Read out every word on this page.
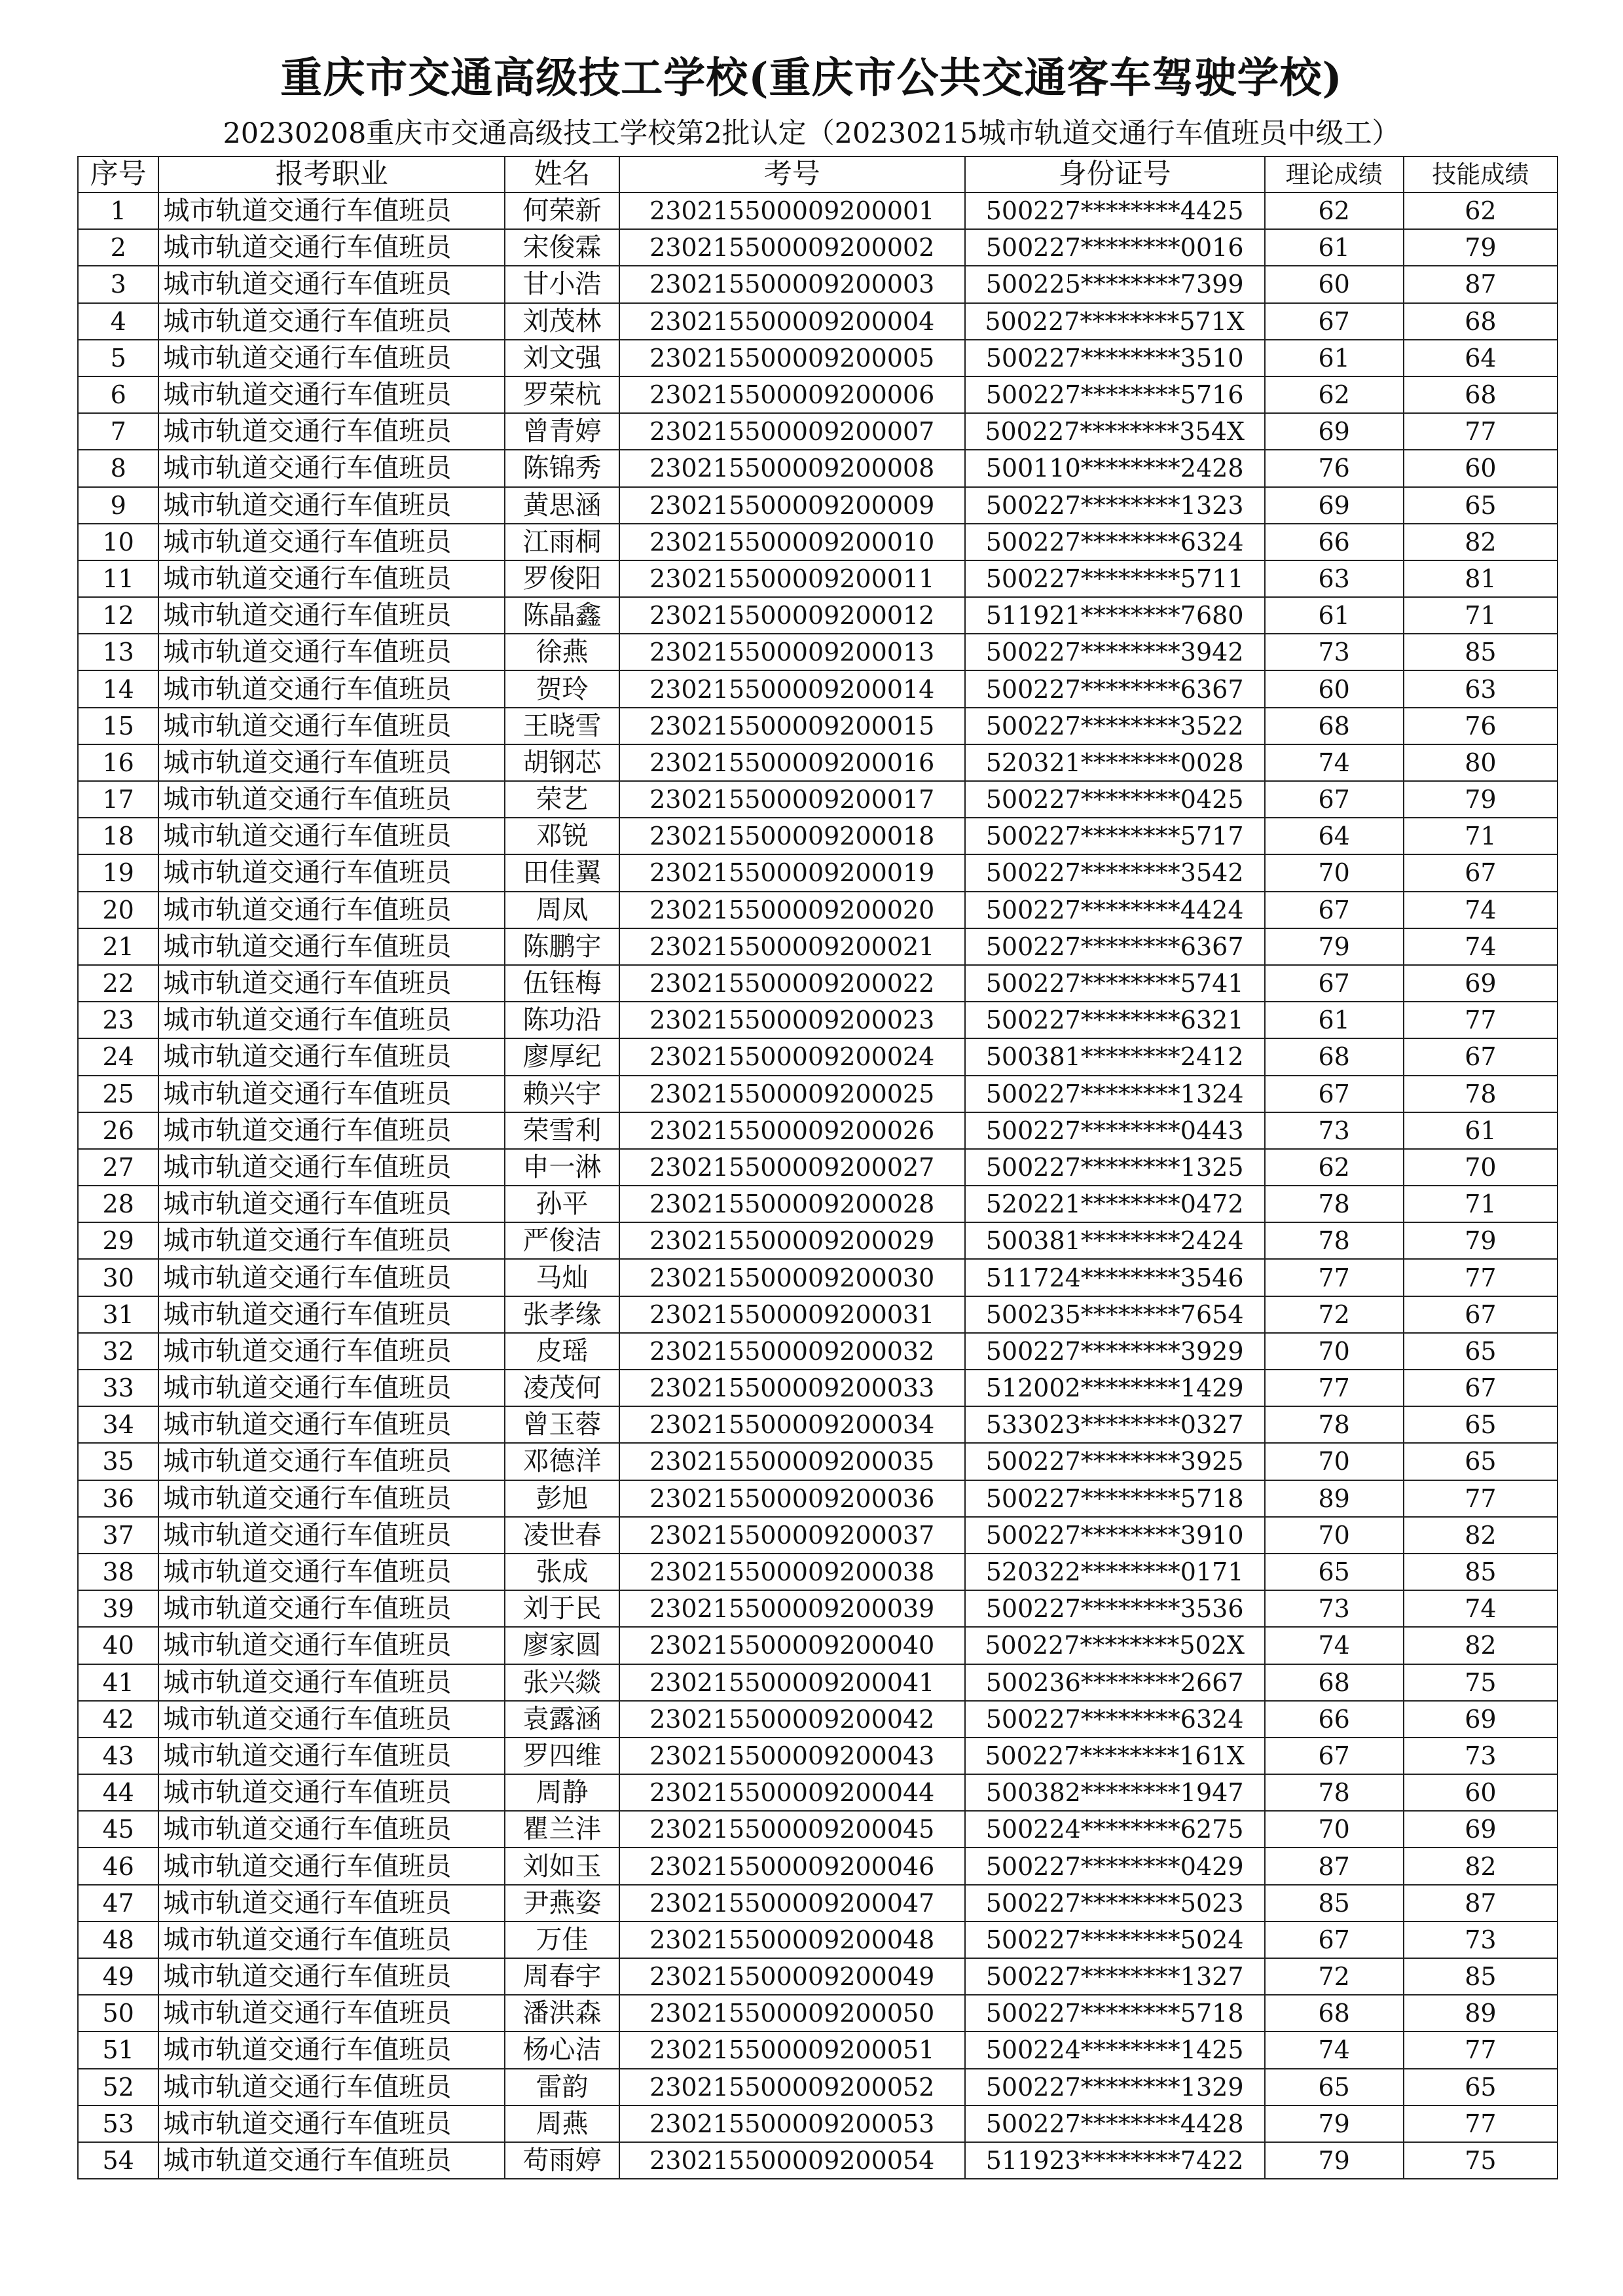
重庆市交通高级技工学校(重庆市公共交通客车驾驶学校)
20230208重庆市交通高级技工学校第2批认定（20230215城市轨道交通行车值班员中级工）
序号	报考职业	姓名	考号	身份证号	理论成绩	技能成绩
1	城市轨道交通行车值班员	何荣新	230215500009200001	500227********4425	62	62
2	城市轨道交通行车值班员	宋俊霖	230215500009200002	500227********0016	61	79
3	城市轨道交通行车值班员	甘小浩	230215500009200003	500225********7399	60	87
4	城市轨道交通行车值班员	刘茂林	230215500009200004	500227********571X	67	68
5	城市轨道交通行车值班员	刘文强	230215500009200005	500227********3510	61	64
6	城市轨道交通行车值班员	罗荣杭	230215500009200006	500227********5716	62	68
7	城市轨道交通行车值班员	曾青婷	230215500009200007	500227********354X	69	77
8	城市轨道交通行车值班员	陈锦秀	230215500009200008	500110********2428	76	60
9	城市轨道交通行车值班员	黄思涵	230215500009200009	500227********1323	69	65
10	城市轨道交通行车值班员	江雨桐	230215500009200010	500227********6324	66	82
11	城市轨道交通行车值班员	罗俊阳	230215500009200011	500227********5711	63	81
12	城市轨道交通行车值班员	陈晶鑫	230215500009200012	511921********7680	61	71
13	城市轨道交通行车值班员	徐燕	230215500009200013	500227********3942	73	85
14	城市轨道交通行车值班员	贺玲	230215500009200014	500227********6367	60	63
15	城市轨道交通行车值班员	王晓雪	230215500009200015	500227********3522	68	76
16	城市轨道交通行车值班员	胡钢芯	230215500009200016	520321********0028	74	80
17	城市轨道交通行车值班员	荣艺	230215500009200017	500227********0425	67	79
18	城市轨道交通行车值班员	邓锐	230215500009200018	500227********5717	64	71
19	城市轨道交通行车值班员	田佳翼	230215500009200019	500227********3542	70	67
20	城市轨道交通行车值班员	周凤	230215500009200020	500227********4424	67	74
21	城市轨道交通行车值班员	陈鹏宇	230215500009200021	500227********6367	79	74
22	城市轨道交通行车值班员	伍钰梅	230215500009200022	500227********5741	67	69
23	城市轨道交通行车值班员	陈功沿	230215500009200023	500227********6321	61	77
24	城市轨道交通行车值班员	廖厚纪	230215500009200024	500381********2412	68	67
25	城市轨道交通行车值班员	赖兴宇	230215500009200025	500227********1324	67	78
26	城市轨道交通行车值班员	荣雪利	230215500009200026	500227********0443	73	61
27	城市轨道交通行车值班员	申一淋	230215500009200027	500227********1325	62	70
28	城市轨道交通行车值班员	孙平	230215500009200028	520221********0472	78	71
29	城市轨道交通行车值班员	严俊洁	230215500009200029	500381********2424	78	79
30	城市轨道交通行车值班员	马灿	230215500009200030	511724********3546	77	77
31	城市轨道交通行车值班员	张孝缘	230215500009200031	500235********7654	72	67
32	城市轨道交通行车值班员	皮瑶	230215500009200032	500227********3929	70	65
33	城市轨道交通行车值班员	凌茂何	230215500009200033	512002********1429	77	67
34	城市轨道交通行车值班员	曾玉蓉	230215500009200034	533023********0327	78	65
35	城市轨道交通行车值班员	邓德洋	230215500009200035	500227********3925	70	65
36	城市轨道交通行车值班员	彭旭	230215500009200036	500227********5718	89	77
37	城市轨道交通行车值班员	凌世春	230215500009200037	500227********3910	70	82
38	城市轨道交通行车值班员	张成	230215500009200038	520322********0171	65	85
39	城市轨道交通行车值班员	刘于民	230215500009200039	500227********3536	73	74
40	城市轨道交通行车值班员	廖家圆	230215500009200040	500227********502X	74	82
41	城市轨道交通行车值班员	张兴燚	230215500009200041	500236********2667	68	75
42	城市轨道交通行车值班员	袁露涵	230215500009200042	500227********6324	66	69
43	城市轨道交通行车值班员	罗四维	230215500009200043	500227********161X	67	73
44	城市轨道交通行车值班员	周静	230215500009200044	500382********1947	78	60
45	城市轨道交通行车值班员	瞿兰沣	230215500009200045	500224********6275	70	69
46	城市轨道交通行车值班员	刘如玉	230215500009200046	500227********0429	87	82
47	城市轨道交通行车值班员	尹燕姿	230215500009200047	500227********5023	85	87
48	城市轨道交通行车值班员	万佳	230215500009200048	500227********5024	67	73
49	城市轨道交通行车值班员	周春宇	230215500009200049	500227********1327	72	85
50	城市轨道交通行车值班员	潘洪森	230215500009200050	500227********5718	68	89
51	城市轨道交通行车值班员	杨心洁	230215500009200051	500224********1425	74	77
52	城市轨道交通行车值班员	雷韵	230215500009200052	500227********1329	65	65
53	城市轨道交通行车值班员	周燕	230215500009200053	500227********4428	79	77
54	城市轨道交通行车值班员	苟雨婷	230215500009200054	511923********7422	79	75
